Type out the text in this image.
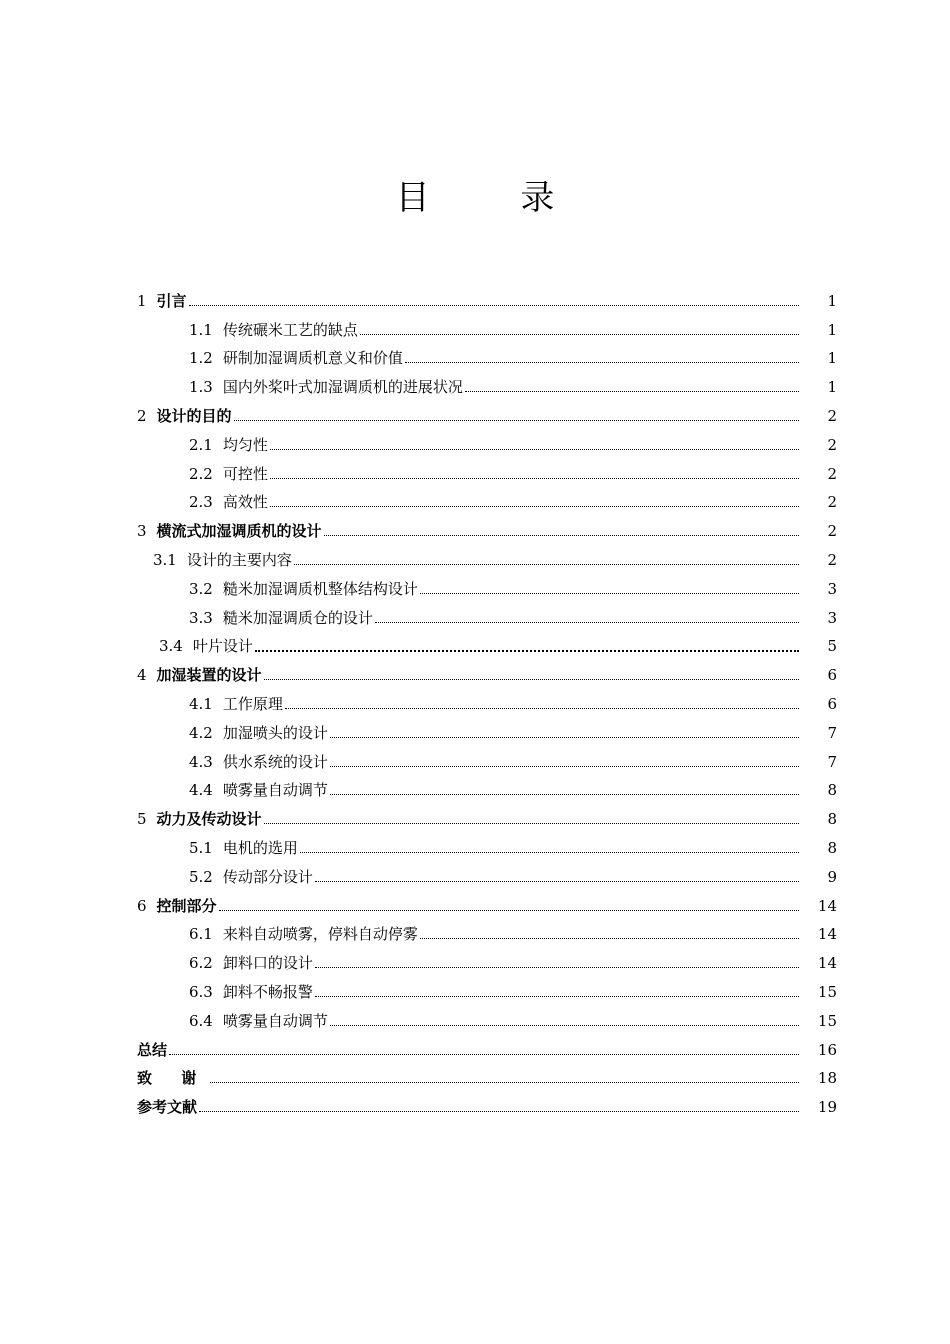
目 录
1 引言	1
1.1 传统碾米工艺的缺点	1
1.2 研制加湿调质机意义和价值	1
1.3 国内外桨叶式加湿调质机的进展状况	1
2 设计的目的	2
2.1 均匀性	2
2.2 可控性	2
2.3 高效性	2
3 横流式加湿调质机的设计	2
3.1 设计的主要内容	2
3.2 糙米加湿调质机整体结构设计	3
3.3 糙米加湿调质仓的设计	3
3.4 叶片设计	5
4 加湿装置的设计	6
4.1 工作原理	6
4.2 加湿喷头的设计	7
4.3 供水系统的设计	7
4.4 喷雾量自动调节	8
5 动力及传动设计	8
5.1 电机的选用	8
5.2 传动部分设计	9
6 控制部分	14
6.1 来料自动喷雾，停料自动停雾	14
6.2 卸料口的设计	14
6.3 卸料不畅报警	15
6.4 喷雾量自动调节	15
总结	16
致 谢	18
参考文献	19
